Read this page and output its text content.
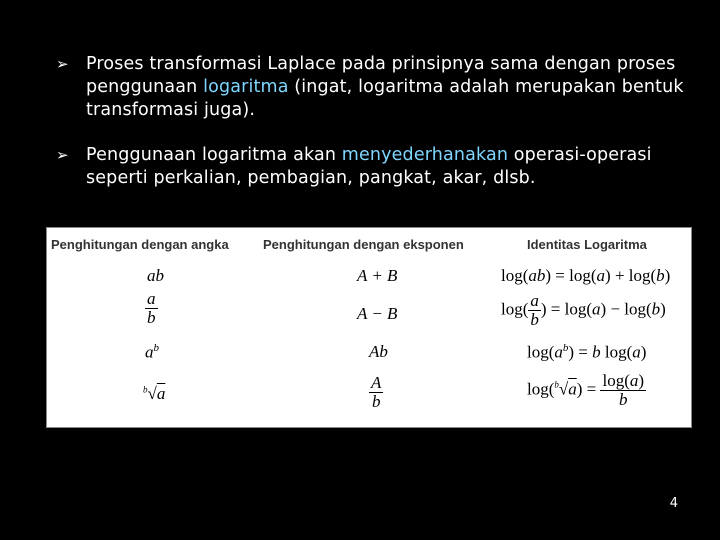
➢ Proses transformasi Laplace pada prinsipnya sama dengan proses penggunaan logaritma (ingat, logaritma adalah merupakan bentuk transformasi juga).
➢ Penggunaan logaritma akan menyederhanakan operasi-operasi seperti perkalian, pembagian, pangkat, akar, dlsb.
Penghitungan dengan angka	Penghitungan dengan eksponen	Identitas Logaritma
ab
$\frac{a}{b}$
$a^b$
$^b$√a
A + B
A − B
Ab
$\frac{A}{b}$
log(ab) = log(a) + log(b)
$\log( \frac{a}{b}$ ) = log(a) − log(b)
$\log(a^b) = b$ log(a)
$\log(^b√a) = \frac{\log(a)}{b}$
4
